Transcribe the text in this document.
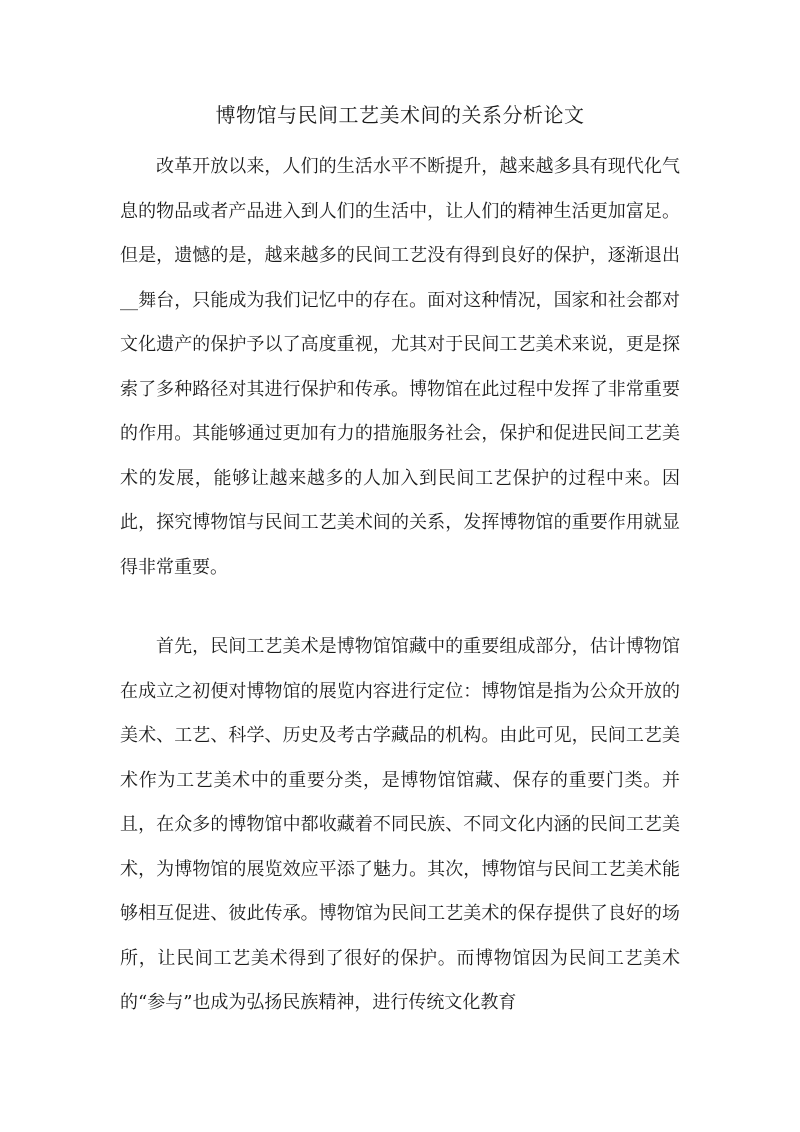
博物馆与民间工艺美术间的关系分析论文

改革开放以来，人们的生活水平不断提升，越来越多具有现代化气息的物品或者产品进入到人们的生活中，让人们的精神生活更加富足。但是，遗憾的是，越来越多的民间工艺没有得到良好的保护，逐渐退出__舞台，只能成为我们记忆中的存在。面对这种情况，国家和社会都对文化遗产的保护予以了高度重视，尤其对于民间工艺美术来说，更是探索了多种路径对其进行保护和传承。博物馆在此过程中发挥了非常重要的作用。其能够通过更加有力的措施服务社会，保护和促进民间工艺美术的发展，能够让越来越多的人加入到民间工艺保护的过程中来。因此，探究博物馆与民间工艺美术间的关系，发挥博物馆的重要作用就显得非常重要。

首先，民间工艺美术是博物馆馆藏中的重要组成部分，估计博物馆在成立之初便对博物馆的展览内容进行定位：博物馆是指为公众开放的美术、工艺、科学、历史及考古学藏品的机构。由此可见，民间工艺美术作为工艺美术中的重要分类，是博物馆馆藏、保存的重要门类。并且，在众多的博物馆中都收藏着不同民族、不同文化内涵的民间工艺美术，为博物馆的展览效应平添了魅力。其次，博物馆与民间工艺美术能够相互促进、彼此传承。博物馆为民间工艺美术的保存提供了良好的场所，让民间工艺美术得到了很好的保护。而博物馆因为民间工艺美术的“参与”也成为弘扬民族精神，进行传统文化教育
